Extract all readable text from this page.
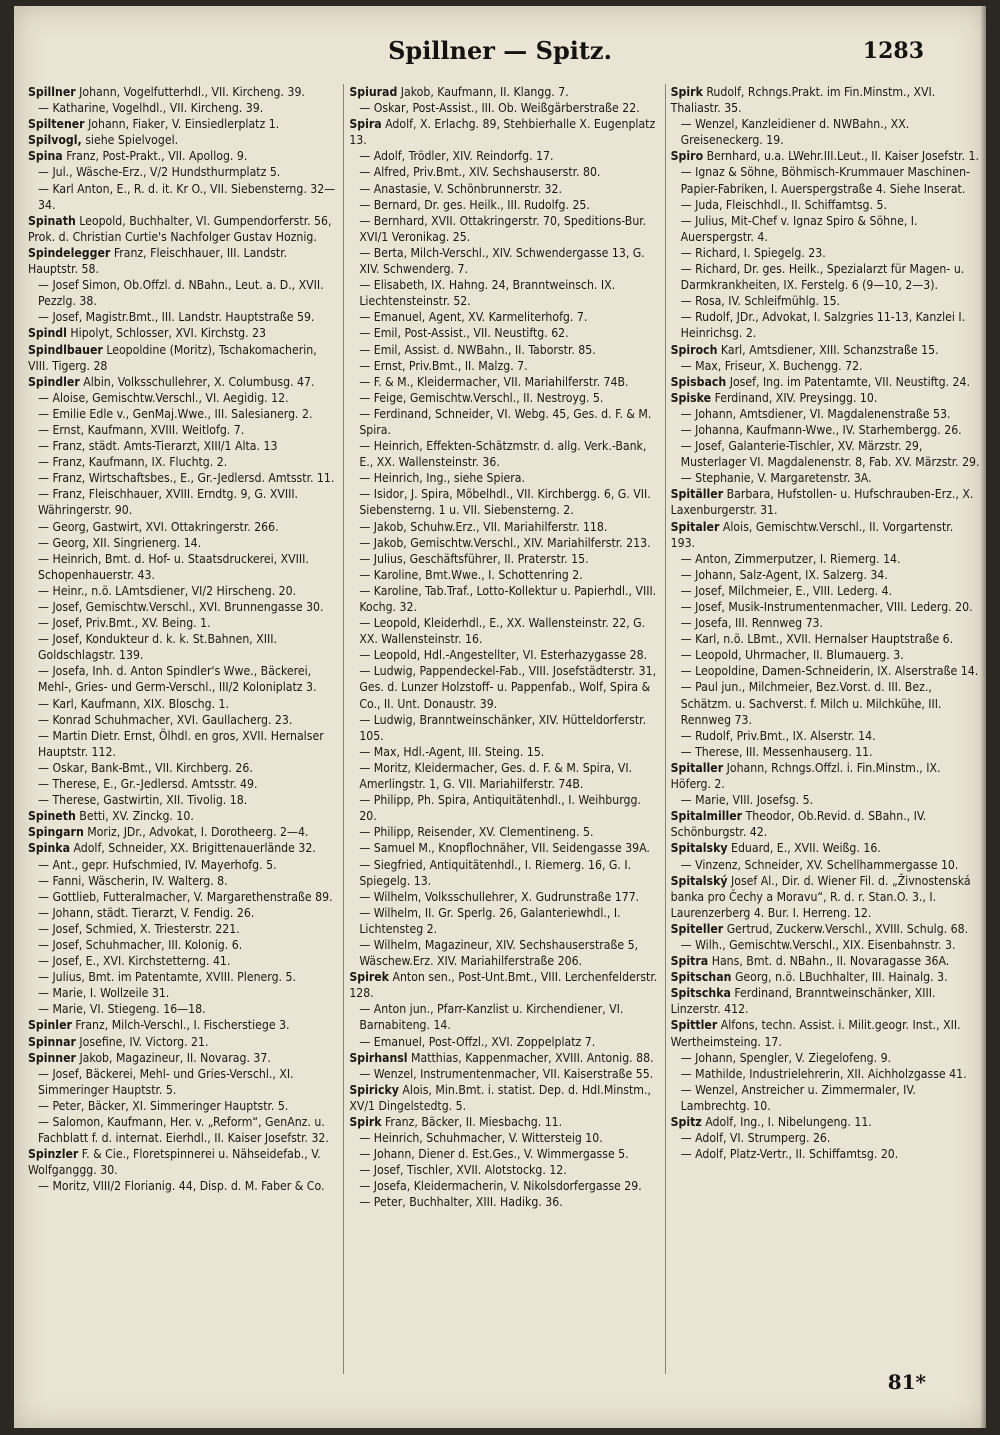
Spillner — Spitz.	1283

Spillner Johann, Vogelfutterhdl., VII. Kircheng. 39.

— Katharine, Vogelhdl., VII. Kircheng. 39.

Spiltener Johann, Fiaker, V. Einsiedlerplatz 1.

Spilvogl, siehe Spielvogel.

Spina Franz, Post-Prakt., VII. Apollog. 9.

— Jul., Wäsche-Erz., V/2 Hundsthurmplatz 5.

— Karl Anton, E., R. d. it. Kr O., VII. Siebensterng. 32—34.

Spinath Leopold, Buchhalter, VI. Gumpendorferstr. 56, Prok. d. Christian Curtie's Nachfolger Gustav Hoznig.

Spindelegger Franz, Fleischhauer, III. Landstr. Hauptstr. 58.

— Josef Simon, Ob.Offzl. d. NBahn., Leut. a. D., XVII. Pezzlg. 38.

— Josef, Magistr.Bmt., III. Landstr. Hauptstraße 59.

Spindl Hipolyt, Schlosser, XVI. Kirchstg. 23

Spindlbauer Leopoldine (Moritz), Tschakomacherin, VIII. Tigerg. 28

Spindler Albin, Volksschullehrer, X. Columbusg. 47.

— Aloise, Gemischtw.Verschl., VI. Aegidig. 12.

— Emilie Edle v., GenMaj.Wwe., III. Salesianerg. 2.

— Ernst, Kaufmann, XVIII. Weitlofg. 7.

— Franz, städt. Amts-Tierarzt, XIII/1 Alta. 13

— Franz, Kaufmann, IX. Fluchtg. 2.

— Franz, Wirtschaftsbes., E., Gr.-Jedlersd. Amtsstr. 11.

— Franz, Fleischhauer, XVIII. Erndtg. 9, G. XVIII. Währingerstr. 90.

— Georg, Gastwirt, XVI. Ottakringerstr. 266.

— Georg, XII. Singrienerg. 14.

— Heinrich, Bmt. d. Hof- u. Staatsdruckerei, XVIII. Schopenhauerstr. 43.

— Heinr., n.ö. LAmtsdiener, VI/2 Hirscheng. 20.

— Josef, Gemischtw.Verschl., XVI. Brunnengasse 30.

— Josef, Priv.Bmt., XV. Being. 1.

— Josef, Kondukteur d. k. k. St.Bahnen, XIII. Goldschlagstr. 139.

— Josefa, Inh. d. Anton Spindler's Wwe., Bäckerei, Mehl-, Gries- und Germ-Verschl., III/2 Koloniplatz 3.

— Karl, Kaufmann, XIX. Bloschg. 1.

— Konrad Schuhmacher, XVI. Gaullacherg. 23.

— Martin Dietr. Ernst, Ölhdl. en gros, XVII. Hernalser Hauptstr. 112.

— Oskar, Bank-Bmt., VII. Kirchberg. 26.

— Therese, E., Gr.-Jedlersd. Amtsstr. 49.

— Therese, Gastwirtin, XII. Tivolig. 18.

Spineth Betti, XV. Zinckg. 10.

Spingarn Moriz, JDr., Advokat, I. Dorotheerg. 2—4.

Spinka Adolf, Schneider, XX. Brigittenauerlände 32.

— Ant., gepr. Hufschmied, IV. Mayerhofg. 5.

— Fanni, Wäscherin, IV. Walterg. 8.

— Gottlieb, Futteralmacher, V. Margarethenstraße 89.

— Johann, städt. Tierarzt, V. Fendig. 26.

— Josef, Schmied, X. Triesterstr. 221.

— Josef, Schuhmacher, III. Kolonig. 6.

— Josef, E., XVI. Kirchstetterng. 41.

— Julius, Bmt. im Patentamte, XVIII. Plenerg. 5.

— Marie, I. Wollzeile 31.

— Marie, VI. Stiegeng. 16—18.

Spinler Franz, Milch-Verschl., I. Fischerstiege 3.

Spinnar Josefine, IV. Victorg. 21.

Spinner Jakob, Magazineur, II. Novarag. 37.

— Josef, Bäckerei, Mehl- und Gries-Verschl., XI. Simmeringer Hauptstr. 5.

— Peter, Bäcker, XI. Simmeringer Hauptstr. 5.

— Salomon, Kaufmann, Her. v. „Reform“, GenAnz. u. Fachblatt f. d. internat. Eierhdl., II. Kaiser Josefstr. 32.

Spinzler F. & Cie., Floretspinnerei u. Nähseidefab., V. Wolfganggg. 30.

— Moritz, VIII/2 Florianig. 44, Disp. d. M. Faber & Co.

Spiurad Jakob, Kaufmann, II. Klangg. 7.

— Oskar, Post-Assist., III. Ob. Weißgärberstraße 22.

Spira Adolf, X. Erlachg. 89, Stehbierhalle X. Eugenplatz 13.

— Adolf, Trödler, XIV. Reindorfg. 17.

— Alfred, Priv.Bmt., XIV. Sechshauserstr. 80.

— Anastasie, V. Schönbrunnerstr. 32.

— Bernard, Dr. ges. Heilk., III. Rudolfg. 25.

— Bernhard, XVII. Ottakringerstr. 70, Speditions-Bur. XVI/1 Veronikag. 25.

— Berta, Milch-Verschl., XIV. Schwendergasse 13, G. XIV. Schwenderg. 7.

— Elisabeth, IX. Hahng. 24, Branntweinsch. IX. Liechtensteinstr. 52.

— Emanuel, Agent, XV. Karmeliterhofg. 7.

— Emil, Post-Assist., VII. Neustiftg. 62.

— Emil, Assist. d. NWBahn., II. Taborstr. 85.

— Ernst, Priv.Bmt., II. Malzg. 7.

— F. & M., Kleidermacher, VII. Mariahilferstr. 74B.

— Feige, Gemischtw.Verschl., II. Nestroyg. 5.

— Ferdinand, Schneider, VI. Webg. 45, Ges. d. F. & M. Spira.

— Heinrich, Effekten-Schätzmstr. d. allg. Verk.-Bank, E., XX. Wallensteinstr. 36.

— Heinrich, Ing., siehe Spiera.

— Isidor, J. Spira, Möbelhdl., VII. Kirchbergg. 6, G. VII. Siebensterng. 1 u. VII. Siebensterng. 2.

— Jakob, Schuhw.Erz., VII. Mariahilferstr. 118.

— Jakob, Gemischtw.Verschl., XIV. Mariahilferstr. 213.

— Julius, Geschäftsführer, II. Praterstr. 15.

— Karoline, Bmt.Wwe., I. Schottenring 2.

— Karoline, Tab.Traf., Lotto-Kollektur u. Papierhdl., VIII. Kochg. 32.

— Leopold, Kleiderhdl., E., XX. Wallensteinstr. 22, G. XX. Wallensteinstr. 16.

— Leopold, Hdl.-Angestellter, VI. Esterhazygasse 28.

— Ludwig, Pappendeckel-Fab., VIII. Josefstädterstr. 31, Ges. d. Lunzer Holzstoff- u. Pappenfab., Wolf, Spira & Co., II. Unt. Donaustr. 39.

— Ludwig, Branntweinschänker, XIV. Hütteldorferstr. 105.

— Max, Hdl.-Agent, III. Steing. 15.

— Moritz, Kleidermacher, Ges. d. F. & M. Spira, VI. Amerlingstr. 1, G. VII. Mariahilferstr. 74B.

— Philipp, Ph. Spira, Antiquitätenhdl., I. Weihburgg. 20.

— Philipp, Reisender, XV. Clementineng. 5.

— Samuel M., Knopflochnäher, VII. Seidengasse 39A.

— Siegfried, Antiquitätenhdl., I. Riemerg. 16, G. I. Spiegelg. 13.

— Wilhelm, Volksschullehrer, X. Gudrunstraße 177.

— Wilhelm, II. Gr. Sperlg. 26, Galanteriewhdl., I. Lichtensteg 2.

— Wilhelm, Magazineur, XIV. Sechshauserstraße 5, Wäschew.Erz. XIV. Mariahilferstraße 206.

Spirek Anton sen., Post-Unt.Bmt., VIII. Lerchenfelderstr. 128.

— Anton jun., Pfarr-Kanzlist u. Kirchendiener, VI. Barnabiteng. 14.

— Emanuel, Post-Offzl., XVI. Zoppelplatz 7.

Spirhansl Matthias, Kappenmacher, XVIII. Antonig. 88.

— Wenzel, Instrumentenmacher, VII. Kaiserstraße 55.

Spiricky Alois, Min.Bmt. i. statist. Dep. d. HdI.Minstm., XV/1 Dingelstedtg. 5.

Spirk Franz, Bäcker, II. Miesbachg. 11.

— Heinrich, Schuhmacher, V. Wittersteig 10.

— Johann, Diener d. Est.Ges., V. Wimmergasse 5.

— Josef, Tischler, XVII. Alotstockg. 12.

— Josefa, Kleidermacherin, V. Nikolsdorfergasse 29.

— Peter, Buchhalter, XIII. Hadikg. 36.

Spirk Rudolf, Rchngs.Prakt. im Fin.Minstm., XVI. Thaliastr. 35.

— Wenzel, Kanzleidiener d. NWBahn., XX. Greiseneckerg. 19.

Spiro Bernhard, u.a. LWehr.III.Leut., II. Kaiser Josefstr. 1.

— Ignaz & Söhne, Böhmisch-Krummauer Maschinen-Papier-Fabriken, I. Auerspergstraße 4. Siehe Inserat.

— Juda, Fleischhdl., II. Schiffamtsg. 5.

— Julius, Mit-Chef v. Ignaz Spiro & Söhne, I. Auerspergstr. 4.

— Richard, I. Spiegelg. 23.

— Richard, Dr. ges. Heilk., Spezialarzt für Magen- u. Darmkrankheiten, IX. Ferstelg. 6 (9—10, 2—3).

— Rosa, IV. Schleifmühlg. 15.

— Rudolf, JDr., Advokat, I. Salzgries 11-13, Kanzlei I. Heinrichsg. 2.

Spiroch Karl, Amtsdiener, XIII. Schanzstraße 15.

— Max, Friseur, X. Buchengg. 72.

Spisbach Josef, Ing. im Patentamte, VII. Neustiftg. 24.

Spiske Ferdinand, XIV. Preysingg. 10.

— Johann, Amtsdiener, VI. Magdalenenstraße 53.

— Johanna, Kaufmann-Wwe., IV. Starhembergg. 26.

— Josef, Galanterie-Tischler, XV. Märzstr. 29, Musterlager VI. Magdalenenstr. 8, Fab. XV. Märzstr. 29.

— Stephanie, V. Margaretenstr. 3A.

Spitäller Barbara, Hufstollen- u. Hufschrauben-Erz., X. Laxenburgerstr. 31.

Spitaler Alois, Gemischtw.Verschl., II. Vorgartenstr. 193.

— Anton, Zimmerputzer, I. Riemerg. 14.

— Johann, Salz-Agent, IX. Salzerg. 34.

— Josef, Milchmeier, E., VIII. Lederg. 4.

— Josef, Musik-Instrumentenmacher, VIII. Lederg. 20.

— Josefa, III. Rennweg 73.

— Karl, n.ö. LBmt., XVII. Hernalser Hauptstraße 6.

— Leopold, Uhrmacher, II. Blumauerg. 3.

— Leopoldine, Damen-Schneiderin, IX. Alserstraße 14.

— Paul jun., Milchmeier, Bez.Vorst. d. III. Bez., Schätzm. u. Sachverst. f. Milch u. Milchkühe, III. Rennweg 73.

— Rudolf, Priv.Bmt., IX. Alserstr. 14.

— Therese, III. Messenhauserg. 11.

Spitaller Johann, Rchngs.Offzl. i. Fin.Minstm., IX. Höferg. 2.

— Marie, VIII. Josefsg. 5.

Spitalmiller Theodor, Ob.Revid. d. SBahn., IV. Schönburgstr. 42.

Spitalsky Eduard, E., XVII. Weißg. 16.

— Vinzenz, Schneider, XV. Schellhammergasse 10.

Spitalský Josef Al., Dir. d. Wiener Fil. d. „Živnostenská banka pro Čechy a Moravu“, R. d. r. Stan.O. 3., I. Laurenzerberg 4. Bur. I. Herreng. 12.

Spiteller Gertrud, Zuckerw.Verschl., XVIII. Schulg. 68.

— Wilh., Gemischtw.Verschl., XIX. Eisenbahnstr. 3.

Spitra Hans, Bmt. d. NBahn., II. Novaragasse 36A.

Spitschan Georg, n.ö. LBuchhalter, III. Hainalg. 3.

Spitschka Ferdinand, Branntweinschänker, XIII. Linzerstr. 412.

Spittler Alfons, techn. Assist. i. Milit.geogr. Inst., XII. Wertheimsteing. 17.

— Johann, Spengler, V. Ziegelofeng. 9.

— Mathilde, Industrielehrerin, XII. Aichholzgasse 41.

— Wenzel, Anstreicher u. Zimmermaler, IV. Lambrechtg. 10.

Spitz Adolf, Ing., I. Nibelungeng. 11.

— Adolf, VI. Strumperg. 26.

— Adolf, Platz-Vertr., II. Schiffamtsg. 20.

81*
